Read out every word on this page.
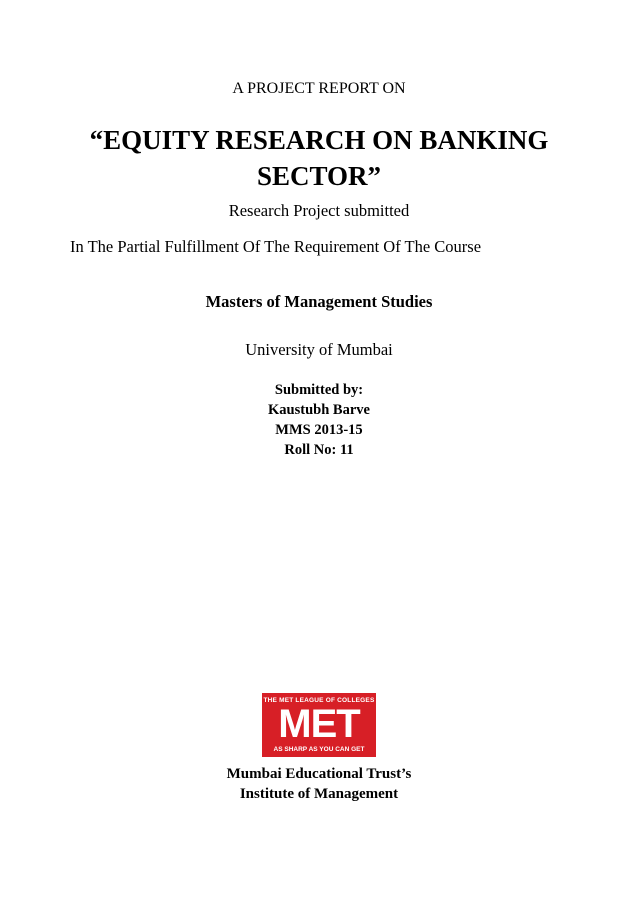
A PROJECT REPORT ON
“EQUITY RESEARCH ON BANKING
SECTOR”
Research Project submitted
In The Partial Fulfillment Of The Requirement Of The Course
Masters of Management Studies
University of Mumbai
Submitted by:
Kaustubh Barve
MMS 2013-15
Roll No: 11
THE MET LEAGUE OF COLLEGES
MET
AS SHARP AS YOU CAN GET
Mumbai Educational Trust’s
Institute of Management
